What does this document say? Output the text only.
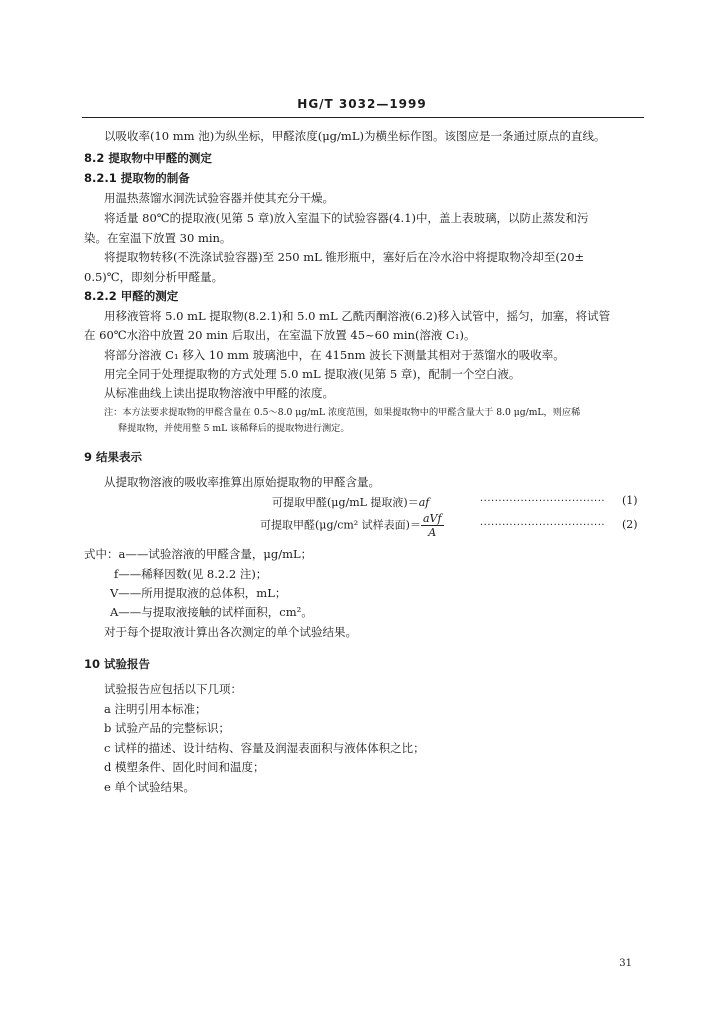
HG/T 3032—1999
以吸收率(10 mm 池)为纵坐标，甲醛浓度(μg/mL)为横坐标作图。该图应是一条通过原点的直线。
8.2 提取物中甲醛的测定
8.2.1 提取物的制备
用温热蒸馏水洞洗试验容器并使其充分干燥。
将适量 80℃的提取液(见第 5 章)放入室温下的试验容器(4.1)中，盖上表玻璃，以防止蒸发和污
染。在室温下放置 30 min。
将提取物转移(不洗涤试验容器)至 250 mL 锥形瓶中，塞好后在冷水浴中将提取物冷却至(20±
0.5)℃，即刻分析甲醛量。
8.2.2 甲醛的测定
用移液管将 5.0 mL 提取物(8.2.1)和 5.0 mL 乙酰丙酮溶液(6.2)移入试管中，摇匀，加塞，将试管
在 60℃水浴中放置 20 min 后取出，在室温下放置 45~60 min(溶液 C₁)。
将部分溶液 C₁ 移入 10 mm 玻璃池中，在 415nm 波长下测量其相对于蒸馏水的吸收率。
用完全同于处理提取物的方式处理 5.0 mL 提取液(见第 5 章)，配制一个空白液。
从标准曲线上读出提取物溶液中甲醛的浓度。
注：本方法要求提取物的甲醛含量在 0.5～8.0 μg/mL 浓度范围，如果提取物中的甲醛含量大于 8.0 μg/mL，则应稀
释提取物，并使用整 5 mL 该稀释后的提取物进行测定。
9 结果表示
从提取物溶液的吸收率推算出原始提取物的甲醛含量。
可提取甲醛(μg/mL 提取液)＝af	·································· (1)
可提取甲醛(μg/cm² 试样表面)＝ $\frac{\text{aVf}}{A}$	·································· (2)
式中：a——试验溶液的甲醛含量，μg/mL；
f——稀释因数(见 8.2.2 注)；
V——所用提取液的总体积，mL；
A——与提取液接触的试样面积，cm²。
对于每个提取液计算出各次测定的单个试验结果。
10 试验报告
试验报告应包括以下几项：
a 注明引用本标准；
b 试验产品的完整标识；
c 试样的描述、设计结构、容量及润湿表面积与液体体积之比；
d 模塑条件、固化时间和温度；
e 单个试验结果。
31
